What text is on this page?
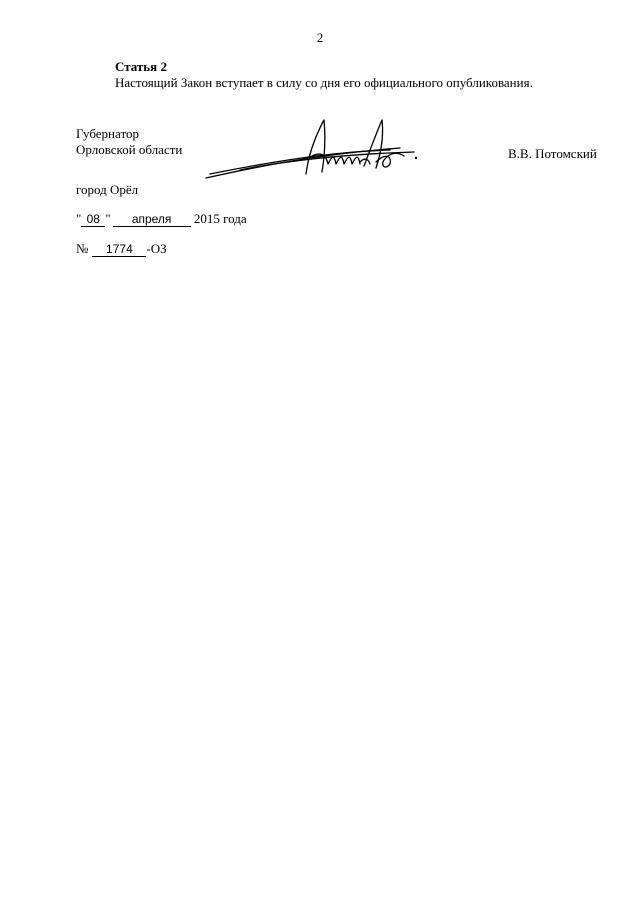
2
Статья 2
Настоящий Закон вступает в силу со дня его официального опубликования.
Губернатор
Орловской области	В.В. Потомский
город Орёл
" 08 " апреля 2015 года
№ 1774 -ОЗ
